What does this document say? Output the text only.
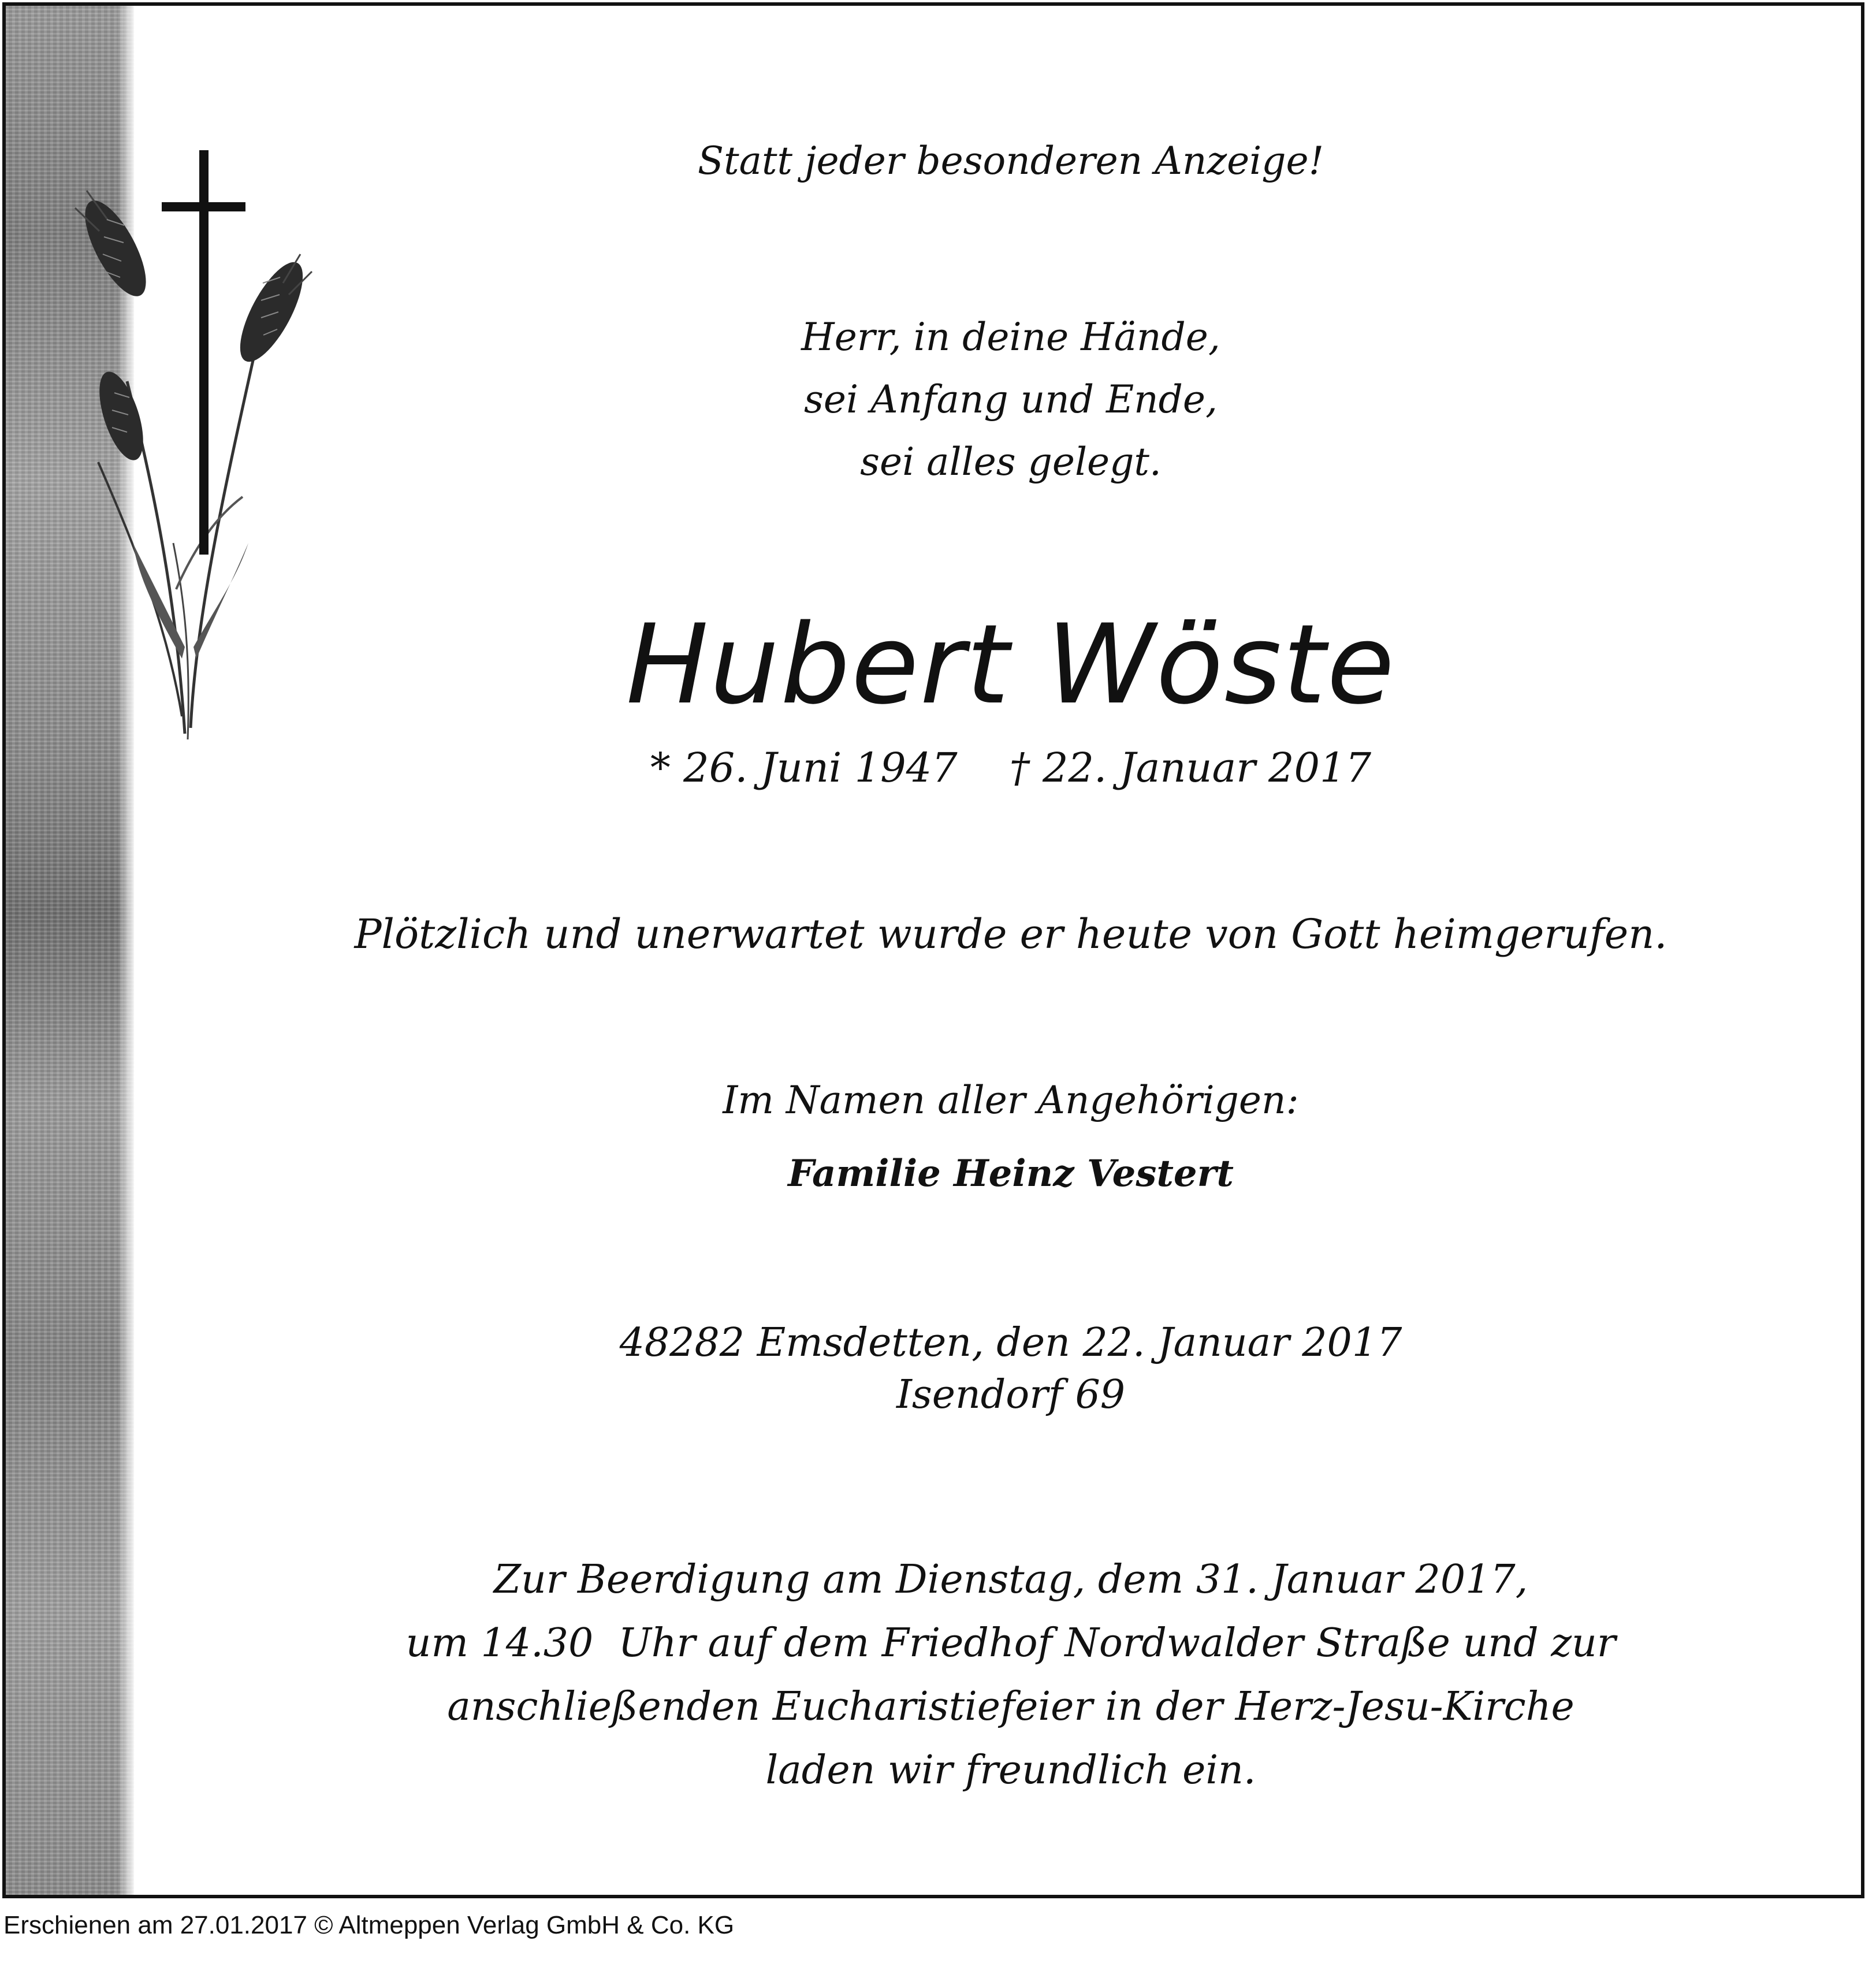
Statt jeder besonderen Anzeige!
Herr, in deine Hände,
sei Anfang und Ende,
sei alles gelegt.
Hubert Wöste
* 26. Juni 1947 † 22. Januar 2017
Plötzlich und unerwartet wurde er heute von Gott heimgerufen.
Im Namen aller Angehörigen:
Familie Heinz Vestert
48282 Emsdetten, den 22. Januar 2017
Isendorf 69
Zur Beerdigung am Dienstag, dem 31. Januar 2017,
um 14.30  Uhr auf dem Friedhof Nordwalder Straße und zur
anschließenden Eucharistiefeier in der Herz-Jesu-Kirche
laden wir freundlich ein.
Erschienen am 27.01.2017 © Altmeppen Verlag GmbH & Co. KG
